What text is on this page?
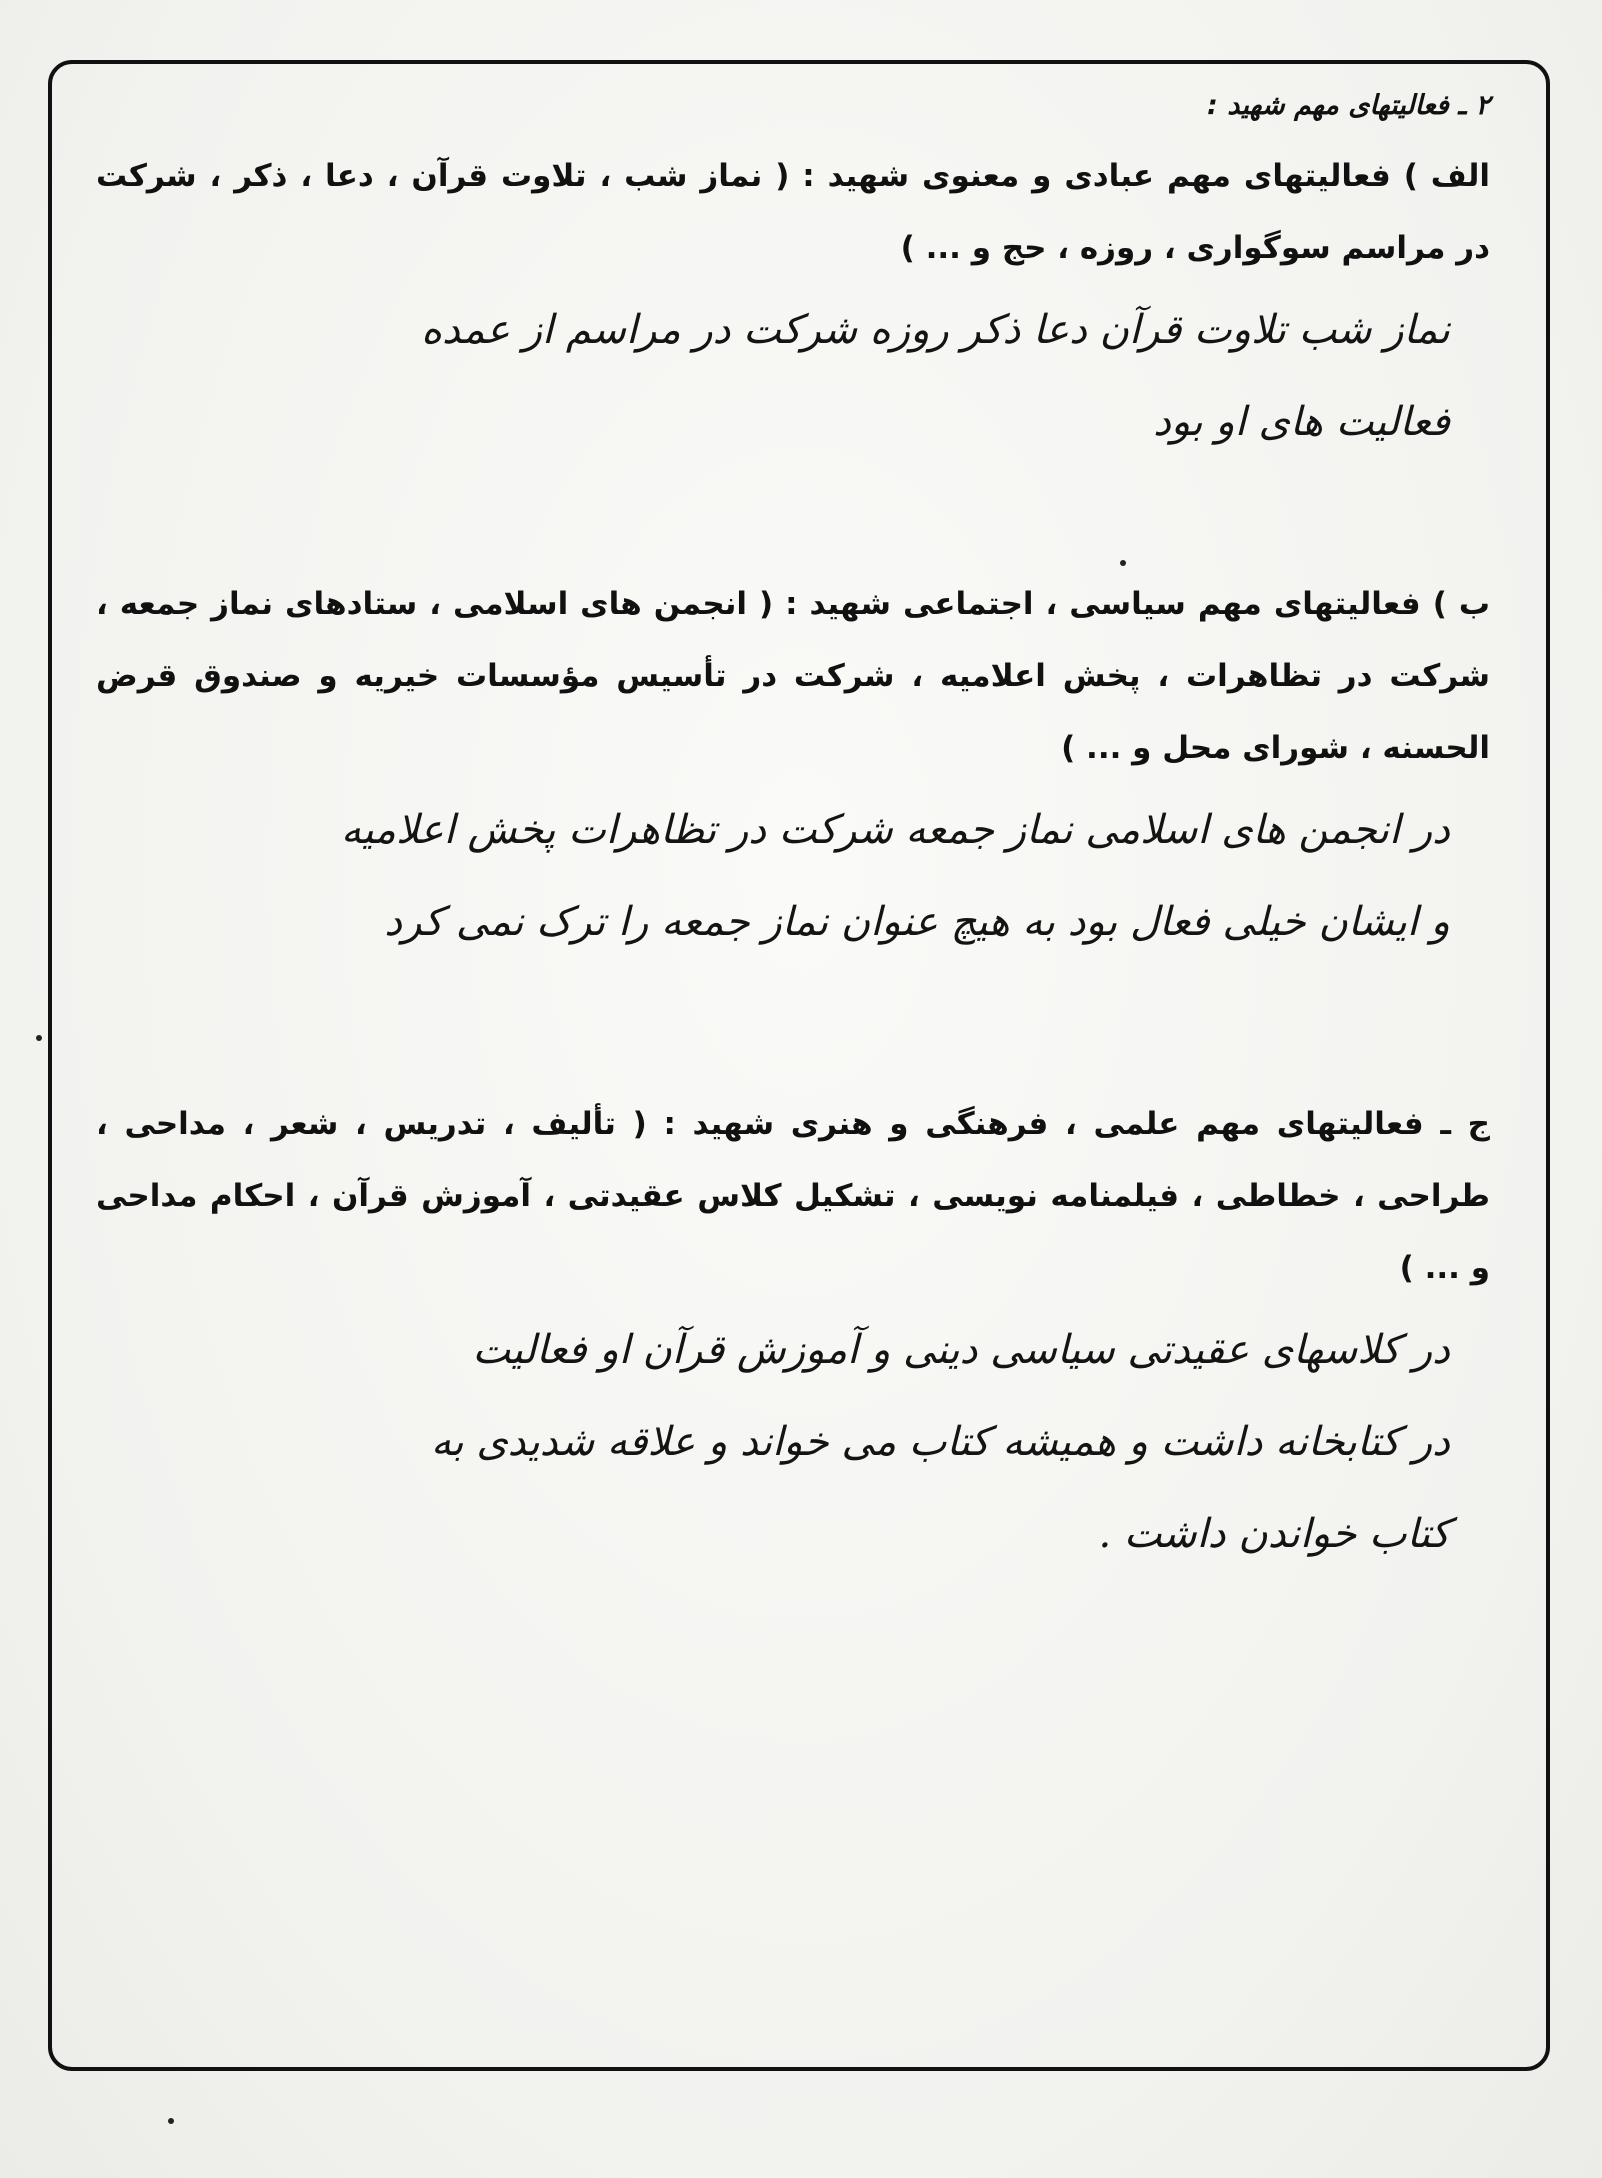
۲ ـ فعالیتهای مهم شهید :

الف ) فعالیتهای مهم عبادی و معنوی شهید : ( نماز شب ، تلاوت قرآن ، دعا ، ذکر ، شرکت در مراسم سوگواری ، روزه ، حج و ... )

نماز شب تلاوت قرآن دعا ذکر روزه شرکت در مراسم از عمده
فعالیت های او بود

ب ) فعالیتهای مهم سیاسی ، اجتماعی شهید : ( انجمن های اسلامی ، ستادهای نماز جمعه ، شرکت در تظاهرات ، پخش اعلامیه ، شرکت در تأسیس مؤسسات خیریه و صندوق قرض الحسنه ، شورای محل و ... )

در انجمن های اسلامی نماز جمعه شرکت در تظاهرات پخش اعلامیه
و ایشان خیلی فعال بود به هیچ عنوان نماز جمعه را ترک نمی کرد

ج ـ فعالیتهای مهم علمی ، فرهنگی و هنری شهید : ( تألیف ، تدریس ، شعر ، مداحی ، طراحی ، خطاطی ، فیلمنامه نویسی ، تشکیل کلاس عقیدتی ، آموزش قرآن ، احکام مداحی و ... )

در کلاسهای عقیدتی سیاسی دینی و آموزش قرآن او فعالیت
در کتابخانه داشت و همیشه کتاب می خواند و علاقه شدیدی به
کتاب خواندن داشت .
